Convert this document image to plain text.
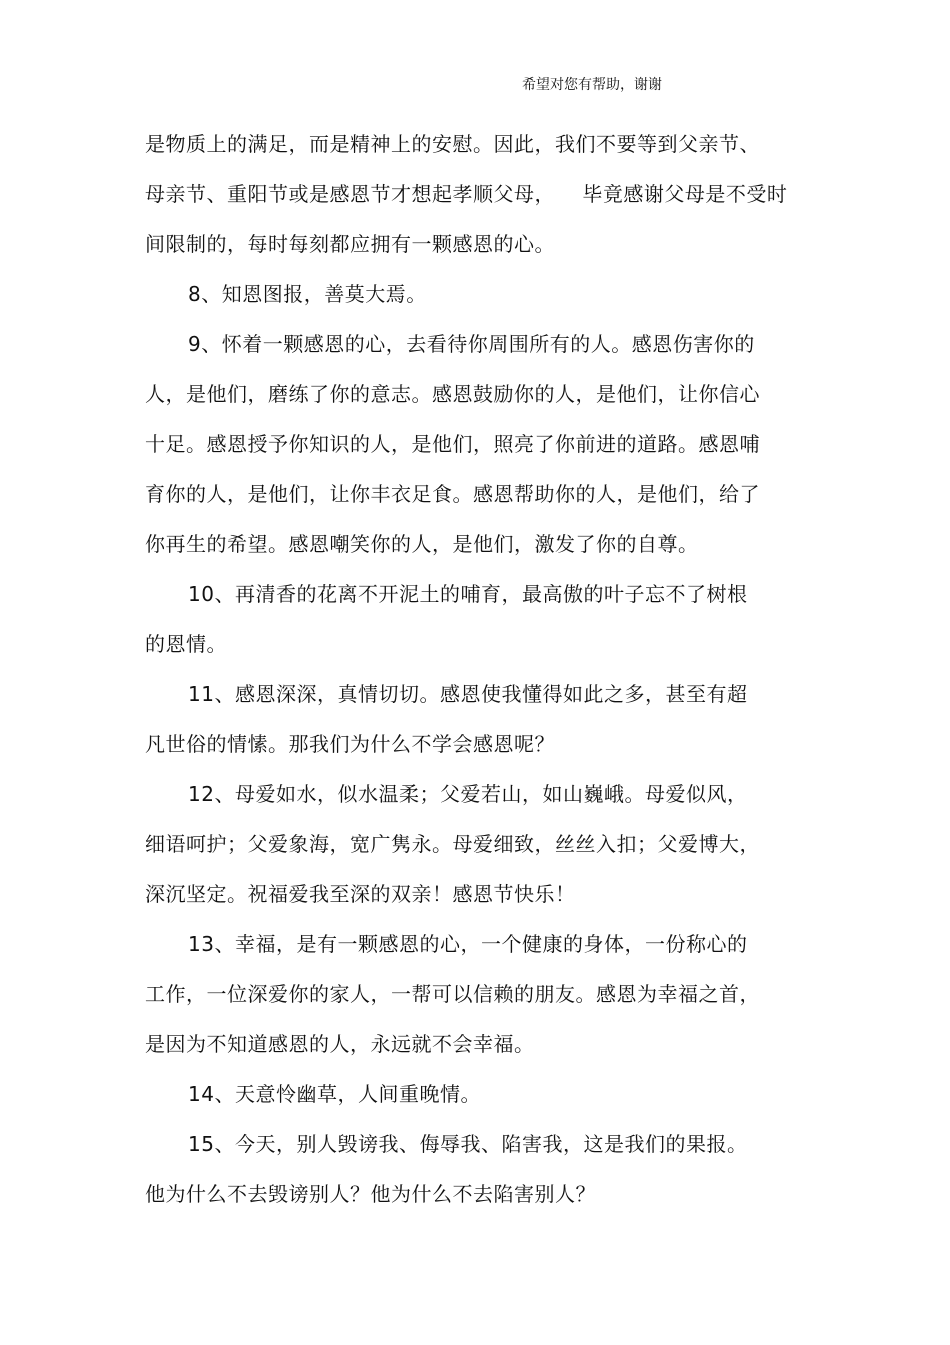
希望对您有帮助，谢谢
是物质上的满足，而是精神上的安慰。因此，我们不要等到父亲节、
母亲节、重阳节或是感恩节才想起孝顺父母，    毕竟感谢父母是不受时
间限制的，每时每刻都应拥有一颗感恩的心。
8、知恩图报，善莫大焉。
9、怀着一颗感恩的心，去看待你周围所有的人。感恩伤害你的
人，是他们，磨练了你的意志。感恩鼓励你的人，是他们，让你信心
十足。感恩授予你知识的人，是他们，照亮了你前进的道路。感恩哺
育你的人，是他们，让你丰衣足食。感恩帮助你的人，是他们，给了
你再生的希望。感恩嘲笑你的人，是他们，激发了你的自尊。
10、再清香的花离不开泥土的哺育，最高傲的叶子忘不了树根
的恩情。
11、感恩深深，真情切切。感恩使我懂得如此之多，甚至有超
凡世俗的情愫。那我们为什么不学会感恩呢？
12、母爱如水，似水温柔；父爱若山，如山巍峨。母爱似风，
细语呵护；父爱象海，宽广隽永。母爱细致，丝丝入扣；父爱博大，
深沉坚定。祝福爱我至深的双亲！感恩节快乐！
13、幸福，是有一颗感恩的心，一个健康的身体，一份称心的
工作，一位深爱你的家人，一帮可以信赖的朋友。感恩为幸福之首，
是因为不知道感恩的人，永远就不会幸福。
14、天意怜幽草，人间重晚情。
15、今天，别人毁谤我、侮辱我、陷害我，这是我们的果报。
他为什么不去毁谤别人？他为什么不去陷害别人？
